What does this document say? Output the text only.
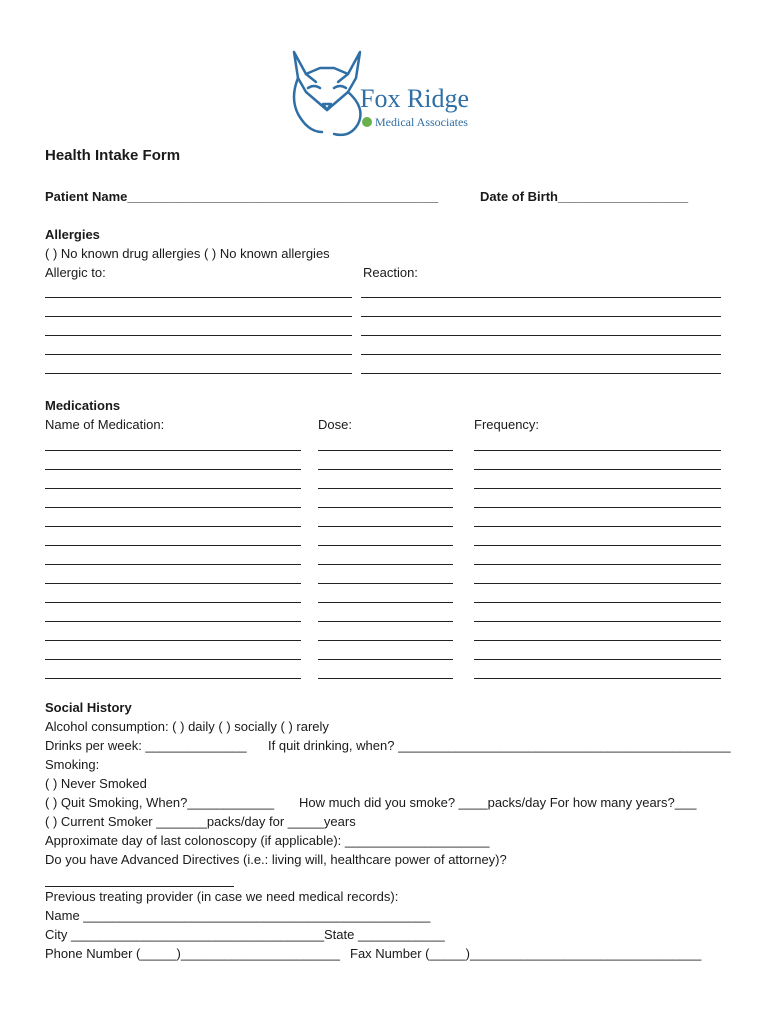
Fox Ridge
Medical Associates
Health Intake Form
Patient Name___________________________________________	Date of Birth__________________
Allergies
( ) No known drug allergies ( ) No known allergies
Allergic to:	Reaction:
Medications
Name of Medication:	Dose:	Frequency:
Social History
Alcohol consumption: ( ) daily ( ) socially ( ) rarely
Drinks per week: ______________ If quit drinking, when? ______________________________________________
Smoking:
( ) Never Smoked
( ) Quit Smoking, When?____________ How much did you smoke? ____packs/day For how many years?___
( ) Current Smoker _______packs/day for _____years
Approximate day of last colonoscopy (if applicable): ____________________
Do you have Advanced Directives (i.e.: living will, healthcare power of attorney)?
Previous treating provider (in case we need medical records):
Name ________________________________________________
City ___________________________________ State ____________
Phone Number (_____)______________________ Fax Number (_____)________________________________
